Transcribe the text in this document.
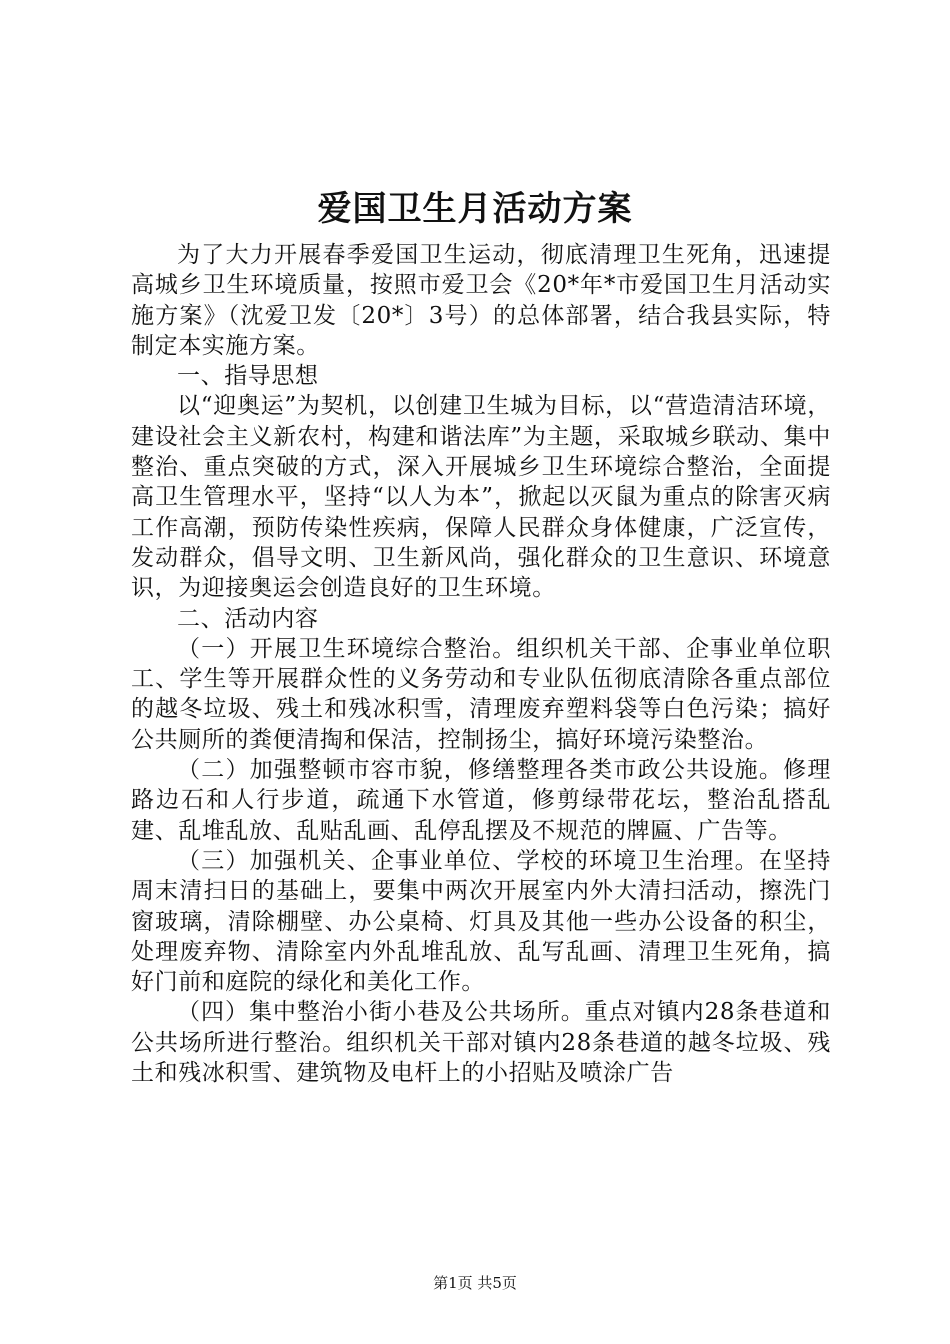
爱国卫生月活动方案

为了大力开展春季爱国卫生运动，彻底清理卫生死角，迅速提高城乡卫生环境质量，按照市爱卫会《20*年*市爱国卫生月活动实施方案》（沈爱卫发〔20*〕3号）的总体部署，结合我县实际，特制定本实施方案。

一、指导思想

以“迎奥运”为契机，以创建卫生城为目标，以“营造清洁环境，建设社会主义新农村，构建和谐法库”为主题，采取城乡联动、集中整治、重点突破的方式，深入开展城乡卫生环境综合整治，全面提高卫生管理水平，坚持“以人为本”，掀起以灭鼠为重点的除害灭病工作高潮，预防传染性疾病，保障人民群众身体健康，广泛宣传，发动群众，倡导文明、卫生新风尚，强化群众的卫生意识、环境意识，为迎接奥运会创造良好的卫生环境。

二、活动内容

（一）开展卫生环境综合整治。组织机关干部、企事业单位职工、学生等开展群众性的义务劳动和专业队伍彻底清除各重点部位的越冬垃圾、残土和残冰积雪，清理废弃塑料袋等白色污染；搞好公共厕所的粪便清掏和保洁，控制扬尘，搞好环境污染整治。

（二）加强整顿市容市貌，修缮整理各类市政公共设施。修理路边石和人行步道，疏通下水管道，修剪绿带花坛，整治乱搭乱建、乱堆乱放、乱贴乱画、乱停乱摆及不规范的牌匾、广告等。

（三）加强机关、企事业单位、学校的环境卫生治理。在坚持周末清扫日的基础上，要集中两次开展室内外大清扫活动，擦洗门窗玻璃，清除棚壁、办公桌椅、灯具及其他一些办公设备的积尘，处理废弃物、清除室内外乱堆乱放、乱写乱画、清理卫生死角，搞好门前和庭院的绿化和美化工作。

（四）集中整治小街小巷及公共场所。重点对镇内28条巷道和公共场所进行整治。组织机关干部对镇内28条巷道的越冬垃圾、残土和残冰积雪、建筑物及电杆上的小招贴及喷涂广告

第1页 共5页
